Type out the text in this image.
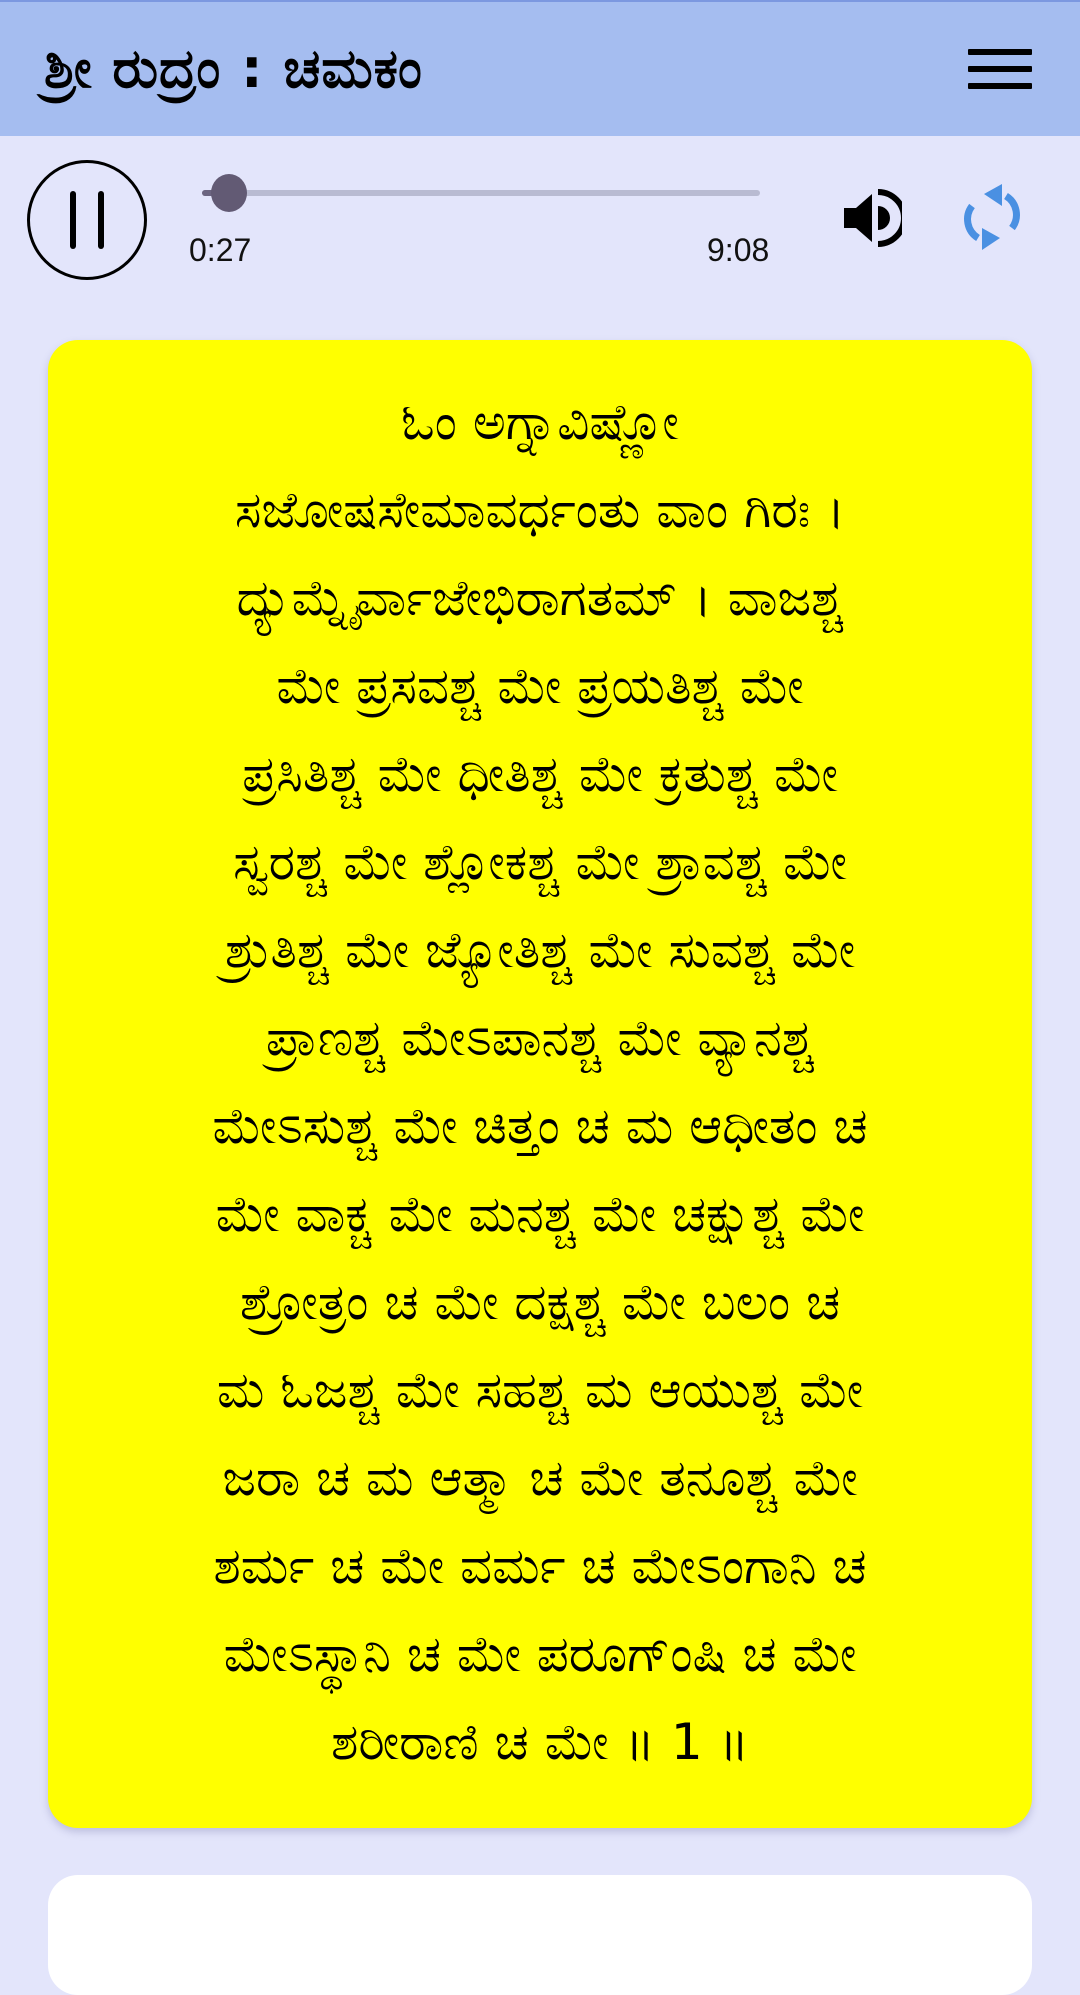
ಶ್ರೀ ರುದ್ರಂ : ಚಮಕಂ
0:27	9:08
ಓಂ ಅಗ್ನಾವಿಷ್ಣೋ
ಸಜೋಷಸೇಮಾವರ್ಧಂತು ವಾಂ ಗಿರಃ ।
ದ್ಯುಮ್ನೈರ್ವಾಜೇಭಿರಾಗತಮ್ । ವಾಜಶ್ಚ
ಮೇ ಪ್ರಸವಶ್ಚ ಮೇ ಪ್ರಯತಿಶ್ಚ ಮೇ
ಪ್ರಸಿತಿಶ್ಚ ಮೇ ಧೀತಿಶ್ಚ ಮೇ ಕ್ರತುಶ್ಚ ಮೇ
ಸ್ವರಶ್ಚ ಮೇ ಶ್ಲೋಕಶ್ಚ ಮೇ ಶ್ರಾವಶ್ಚ ಮೇ
ಶ್ರುತಿಶ್ಚ ಮೇ ಜ್ಯೋತಿಶ್ಚ ಮೇ ಸುವಶ್ಚ ಮೇ
ಪ್ರಾಣಶ್ಚ ಮೇಽಪಾನಶ್ಚ ಮೇ ವ್ಯಾನಶ್ಚ
ಮೇಽಸುಶ್ಚ ಮೇ ಚಿತ್ತಂ ಚ ಮ ಆಧೀತಂ ಚ
ಮೇ ವಾಕ್ಚ ಮೇ ಮನಶ್ಚ ಮೇ ಚಕ್ಷುಶ್ಚ ಮೇ
ಶ್ರೋತ್ರಂ ಚ ಮೇ ದಕ್ಷಶ್ಚ ಮೇ ಬಲಂ ಚ
ಮ ಓಜಶ್ಚ ಮೇ ಸಹಶ್ಚ ಮ ಆಯುಶ್ಚ ಮೇ
ಜರಾ ಚ ಮ ಆತ್ಮಾ ಚ ಮೇ ತನೂಶ್ಚ ಮೇ
ಶರ್ಮ ಚ ಮೇ ವರ್ಮ ಚ ಮೇಽಂಗಾನಿ ಚ
ಮೇಽಸ್ಥಾನಿ ಚ ಮೇ ಪರೂಗ್ಂಷಿ ಚ ಮೇ
ಶರೀರಾಣಿ ಚ ಮೇ ॥ 1 ॥
